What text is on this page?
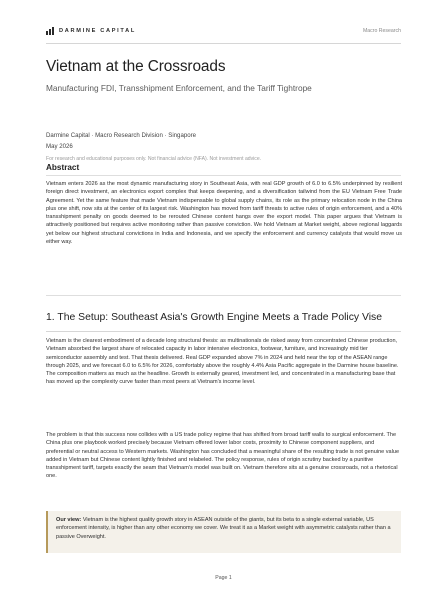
DARMINE CAPITAL	Macro Research
Vietnam at the Crossroads
Manufacturing FDI, Transshipment Enforcement, and the Tariff Tightrope
Darmine Capital · Macro Research Division · Singapore
May 2026
For research and educational purposes only. Not financial advice (NFA). Not investment advice.
Abstract
Vietnam enters 2026 as the most dynamic manufacturing story in Southeast Asia, with real GDP growth of 6.0 to 6.5% underpinned by resilient foreign direct investment, an electronics export complex that keeps deepening, and a diversification tailwind from the EU Vietnam Free Trade Agreement. Yet the same feature that made Vietnam indispensable to global supply chains, its role as the primary relocation node in the China plus one shift, now sits at the center of its largest risk. Washington has moved from tariff threats to active rules of origin enforcement, and a 40% transshipment penalty on goods deemed to be rerouted Chinese content hangs over the export model. This paper argues that Vietnam is attractively positioned but requires active monitoring rather than passive conviction. We hold Vietnam at Market weight, above regional laggards yet below our highest structural convictions in India and Indonesia, and we specify the enforcement and currency catalysts that would move us either way.
1. The Setup: Southeast Asia's Growth Engine Meets a Trade Policy Vise
Vietnam is the clearest embodiment of a decade long structural thesis: as multinationals de risked away from concentrated Chinese production, Vietnam absorbed the largest share of relocated capacity in labor intensive electronics, footwear, furniture, and increasingly mid tier semiconductor assembly and test. That thesis delivered. Real GDP expanded above 7% in 2024 and held near the top of the ASEAN range through 2025, and we forecast 6.0 to 6.5% for 2026, comfortably above the roughly 4.4% Asia Pacific aggregate in the Darmine house baseline. The composition matters as much as the headline. Growth is externally geared, investment led, and concentrated in a manufacturing base that has moved up the complexity curve faster than most peers at Vietnam's income level.
The problem is that this success now collides with a US trade policy regime that has shifted from broad tariff walls to surgical enforcement. The China plus one playbook worked precisely because Vietnam offered lower labor costs, proximity to Chinese component suppliers, and preferential or neutral access to Western markets. Washington has concluded that a meaningful share of the resulting trade is not genuine value added in Vietnam but Chinese content lightly finished and relabeled. The policy response, rules of origin scrutiny backed by a punitive transshipment tariff, targets exactly the seam that Vietnam's model was built on. Vietnam therefore sits at a genuine crossroads, not a rhetorical one.
Our view: Vietnam is the highest quality growth story in ASEAN outside of the giants, but its beta to a single external variable, US enforcement intensity, is higher than any other economy we cover. We treat it as a Market weight with asymmetric catalysts rather than a passive Overweight.
Page 1
